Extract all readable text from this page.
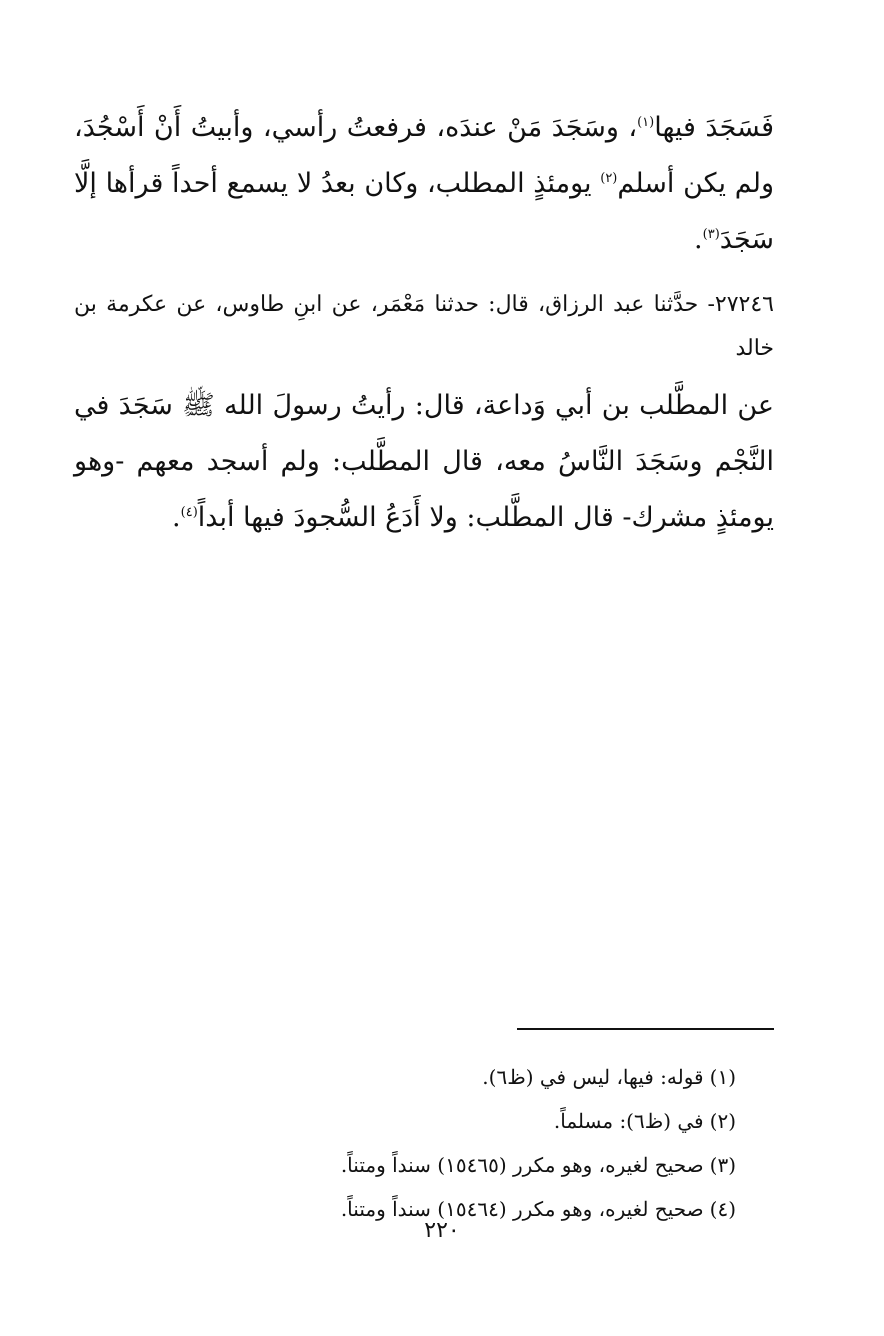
فَسَجَدَ فيها$^{(١)}$، وسَجَدَ مَنْ عندَه، فرفعتُ رأسي، وأبيتُ أَنْ أَسْجُدَ، ولم يكن أسلم$^{(٢)}$ يومئذٍ المطلب، وكان بعدُ لا يسمع أحداً قرأها إلَّا سَجَدَ$^{(٣)}$.

٢٧٢٤٦- حدَّثنا عبد الرزاق، قال: حدثنا مَعْمَر، عن ابنِ طاوس، عن عكرمة بن خالد

عن المطَّلب بن أبي وَداعة، قال: رأيتُ رسولَ الله ﷺ سَجَدَ في النَّجْم وسَجَدَ النَّاسُ معه، قال المطَّلب: ولم أسجد معهم -وهو يومئذٍ مشرك- قال المطَّلب: ولا أَدَعُ السُّجودَ فيها أبداً$^{(٤)}$.

(١)قوله: فيها، ليس في (ظ٦).
(٢)في (ظ٦): مسلماً.
(٣)صحيح لغيره، وهو مكرر (١٥٤٦٥) سنداً ومتناً.
(٤)صحيح لغيره، وهو مكرر (١٥٤٦٤) سنداً ومتناً.
٢٢٠
